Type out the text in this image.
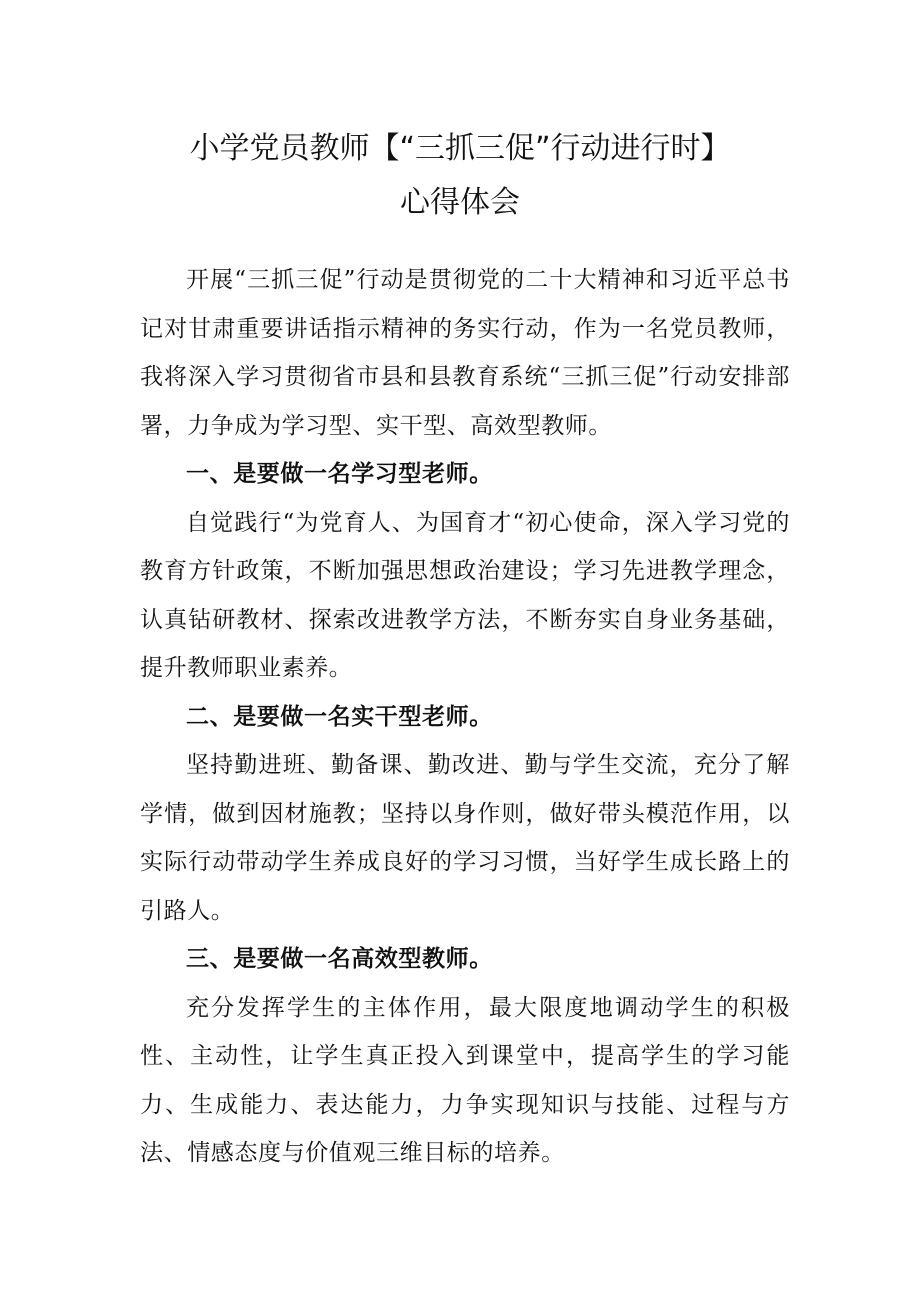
小学党员教师【“三抓三促”行动进行时】
心得体会

开展“三抓三促”行动是贯彻党的二十大精神和习近平总书记对甘肃重要讲话指示精神的务实行动，作为一名党员教师，我将深入学习贯彻省市县和县教育系统“三抓三促”行动安排部署，力争成为学习型、实干型、高效型教师。

一、是要做一名学习型老师。

自觉践行“为党育人、为国育才“初心使命，深入学习党的教育方针政策，不断加强思想政治建设；学习先进教学理念，认真钻研教材、探索改进教学方法，不断夯实自身业务基础，提升教师职业素养。

二、是要做一名实干型老师。

坚持勤进班、勤备课、勤改进、勤与学生交流，充分了解学情，做到因材施教；坚持以身作则，做好带头模范作用，以实际行动带动学生养成良好的学习习惯，当好学生成长路上的引路人。

三、是要做一名高效型教师。

充分发挥学生的主体作用，最大限度地调动学生的积极性、主动性，让学生真正投入到课堂中，提高学生的学习能力、生成能力、表达能力，力争实现知识与技能、过程与方法、情感态度与价值观三维目标的培养。
